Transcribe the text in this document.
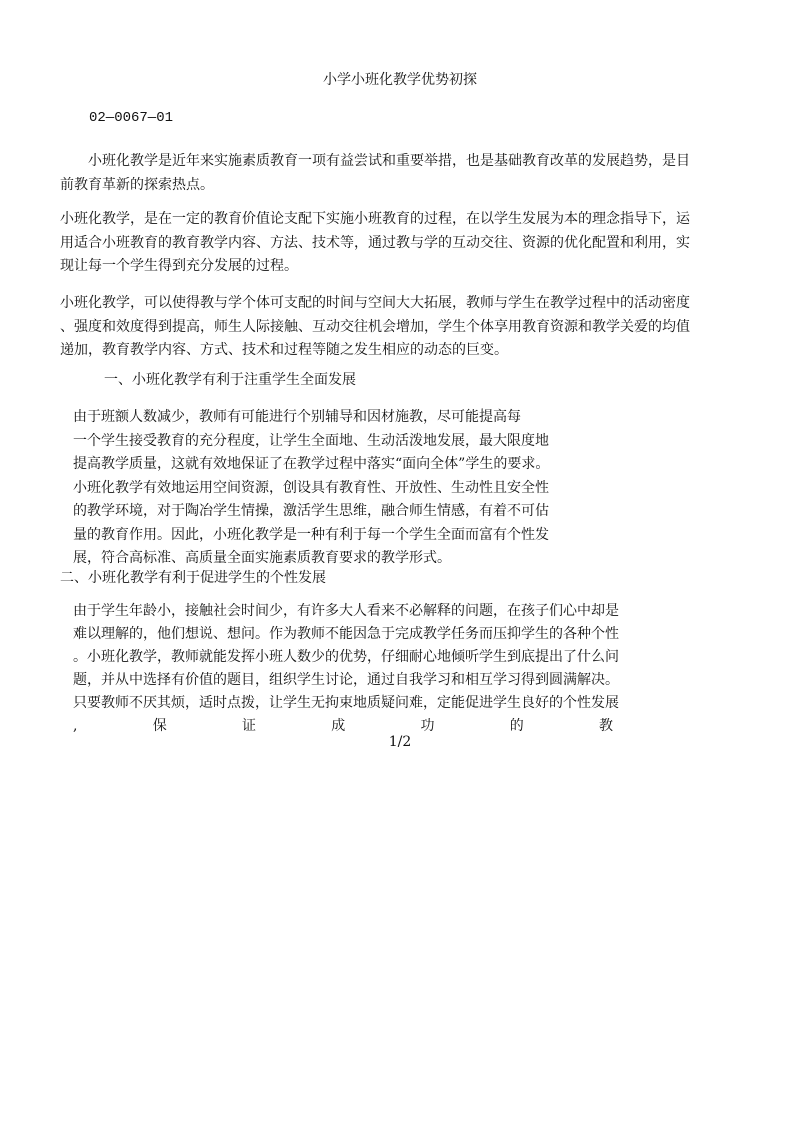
小学小班化教学优势初探
02—0067—01
小班化教学是近年来实施素质教育一项有益尝试和重要举措，也是基础教育改革的发展趋势，是目
前教育革新的探索热点。
小班化教学，是在一定的教育价值论支配下实施小班教育的过程，在以学生发展为本的理念指导下，运
用适合小班教育的教育教学内容、方法、技术等，通过教与学的互动交往、资源的优化配置和利用，实
现让每一个学生得到充分发展的过程。
小班化教学，可以使得教与学个体可支配的时间与空间大大拓展，教师与学生在教学过程中的活动密度
、强度和效度得到提高，师生人际接触、互动交往机会增加，学生个体享用教育资源和教学关爱的均值
递加，教育教学内容、方式、技术和过程等随之发生相应的动态的巨变。
一、小班化教学有利于注重学生全面发展
由于班额人数减少，教师有可能进行个别辅导和因材施教，尽可能提高每
一个学生接受教育的充分程度，让学生全面地、生动活泼地发展，最大限度地
提高教学质量，这就有效地保证了在教学过程中落实“面向全体”学生的要求。
小班化教学有效地运用空间资源，创设具有教育性、开放性、生动性且安全性
的教学环境，对于陶冶学生情操，激活学生思维，融合师生情感，有着不可估
量的教育作用。因此，小班化教学是一种有利于每一个学生全面而富有个性发
展，符合高标准、高质量全面实施素质教育要求的教学形式。
二、小班化教学有利于促进学生的个性发展
由于学生年龄小，接触社会时间少，有许多大人看来不必解释的问题，在孩子们心中却是
难以理解的，他们想说、想问。作为教师不能因急于完成教学任务而压抑学生的各种个性
。小班化教学，教师就能发挥小班人数少的优势，仔细耐心地倾听学生到底提出了什么问
题，并从中选择有价值的题目，组织学生讨论，通过自我学习和相互学习得到圆满解决。
只要教师不厌其烦，适时点拨，让学生无拘束地质疑问难，定能促进学生良好的个性发展
,	保	证	成	功	的	教
1/2
